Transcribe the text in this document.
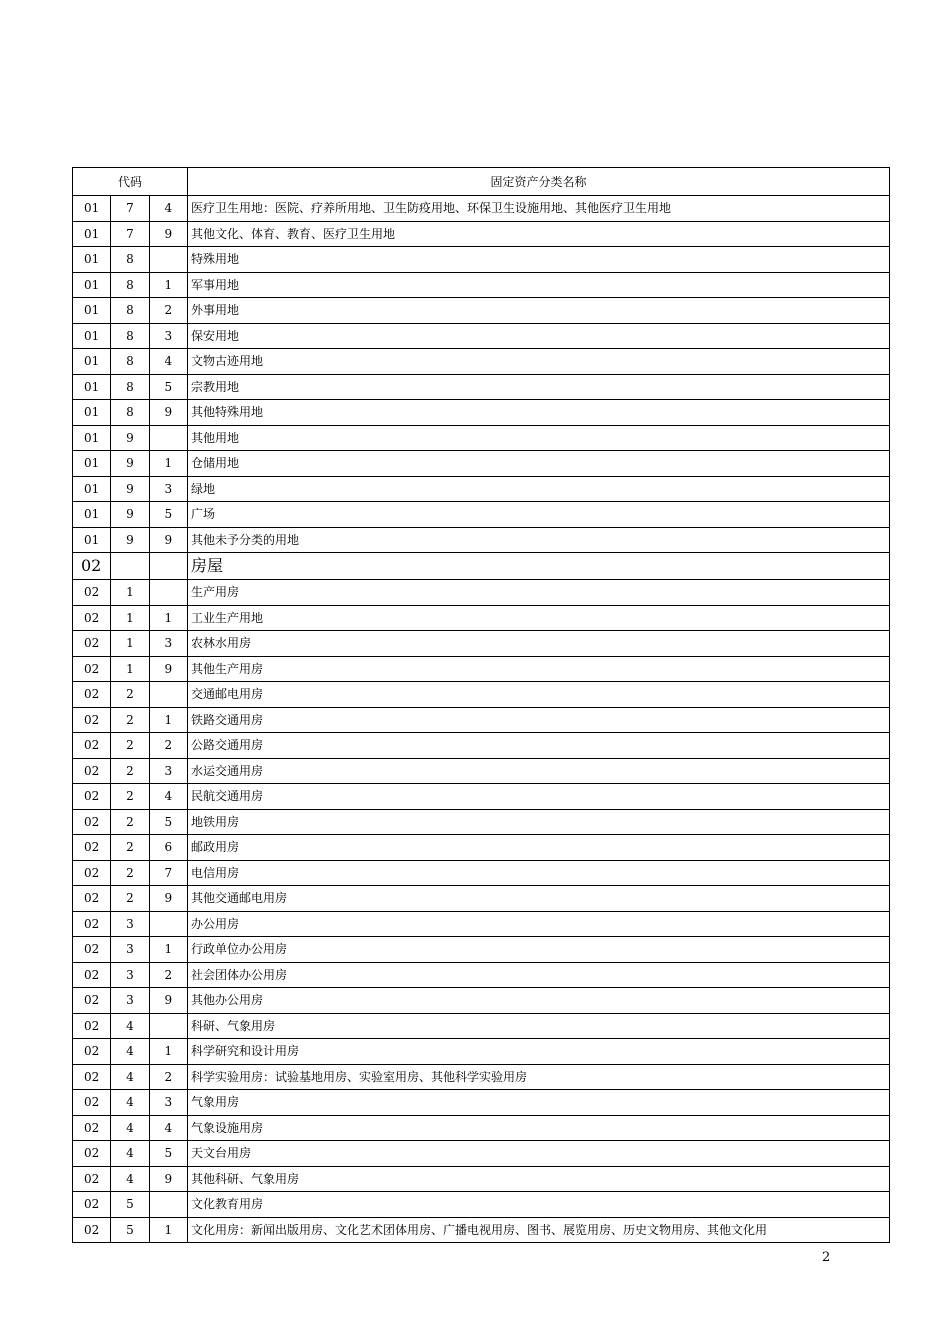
代码			固定资产分类名称
01	7	4	医疗卫生用地：医院、疗养所用地、卫生防疫用地、环保卫生设施用地、其他医疗卫生用地
01	7	9	其他文化、体育、教育、医疗卫生用地
01	8		特殊用地
01	8	1	军事用地
01	8	2	外事用地
01	8	3	保安用地
01	8	4	文物古迹用地
01	8	5	宗教用地
01	8	9	其他特殊用地
01	9		其他用地
01	9	1	仓储用地
01	9	3	绿地
01	9	5	广场
01	9	9	其他未予分类的用地
02			房屋
02	1		生产用房
02	1	1	工业生产用地
02	1	3	农林水用房
02	1	9	其他生产用房
02	2		交通邮电用房
02	2	1	铁路交通用房
02	2	2	公路交通用房
02	2	3	水运交通用房
02	2	4	民航交通用房
02	2	5	地铁用房
02	2	6	邮政用房
02	2	7	电信用房
02	2	9	其他交通邮电用房
02	3		办公用房
02	3	1	行政单位办公用房
02	3	2	社会团体办公用房
02	3	9	其他办公用房
02	4		科研、气象用房
02	4	1	科学研究和设计用房
02	4	2	科学实验用房：试验基地用房、实验室用房、其他科学实验用房
02	4	3	气象用房
02	4	4	气象设施用房
02	4	5	天文台用房
02	4	9	其他科研、气象用房
02	5		文化教育用房
02	5	1	文化用房：新闻出版用房、文化艺术团体用房、广播电视用房、图书、展览用房、历史文物用房、其他文化用
2
